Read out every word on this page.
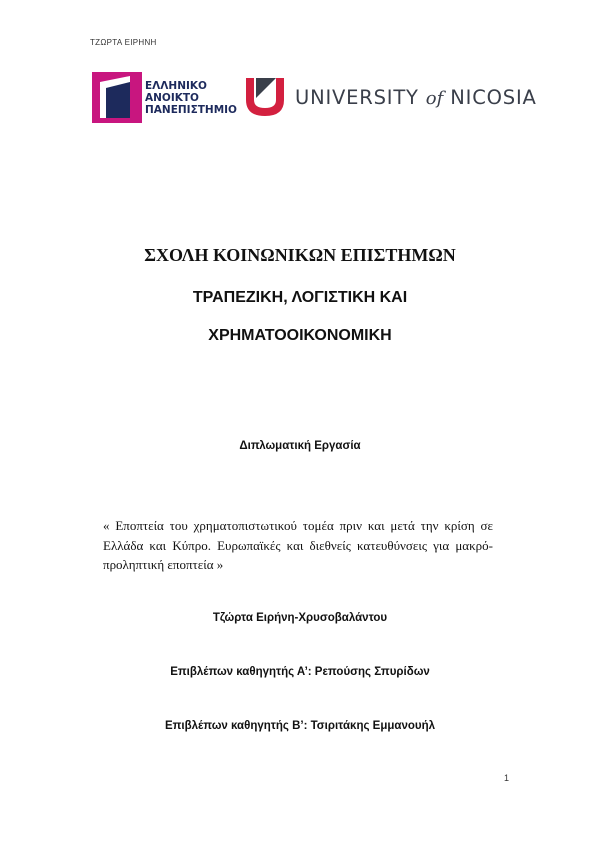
ΤΖΩΡΤΑ ΕΙΡΗΝΗ
ΕΛΛΗΝΙΚΟ
ΑΝΟΙΚΤΟ
ΠΑΝΕΠΙΣΤΗΜΙΟ
UNIVERSITY of NICOSIA
ΣΧΟΛΗ ΚΟΙΝΩΝΙΚΩΝ ΕΠΙΣΤΗΜΩΝ
ΤΡΑΠΕΖΙΚΗ, ΛΟΓΙΣΤΙΚΗ ΚΑΙ
ΧΡΗΜΑΤΟΟΙΚΟΝΟΜΙΚΗ
Διπλωματική Εργασία
« Εποπτεία του χρηματοπιστωτικού τομέα πριν και μετά την κρίση σε Ελλάδα και Κύπρο. Ευρωπαϊκές και διεθνείς κατευθύνσεις για μακρό-προληπτική εποπτεία »
Τζώρτα Ειρήνη-Χρυσοβαλάντου
Επιβλέπων καθηγητής Α’: Ρεπούσης Σπυρίδων
Επιβλέπων καθηγητής Β’: Τσιριτάκης Εμμανουήλ
1
